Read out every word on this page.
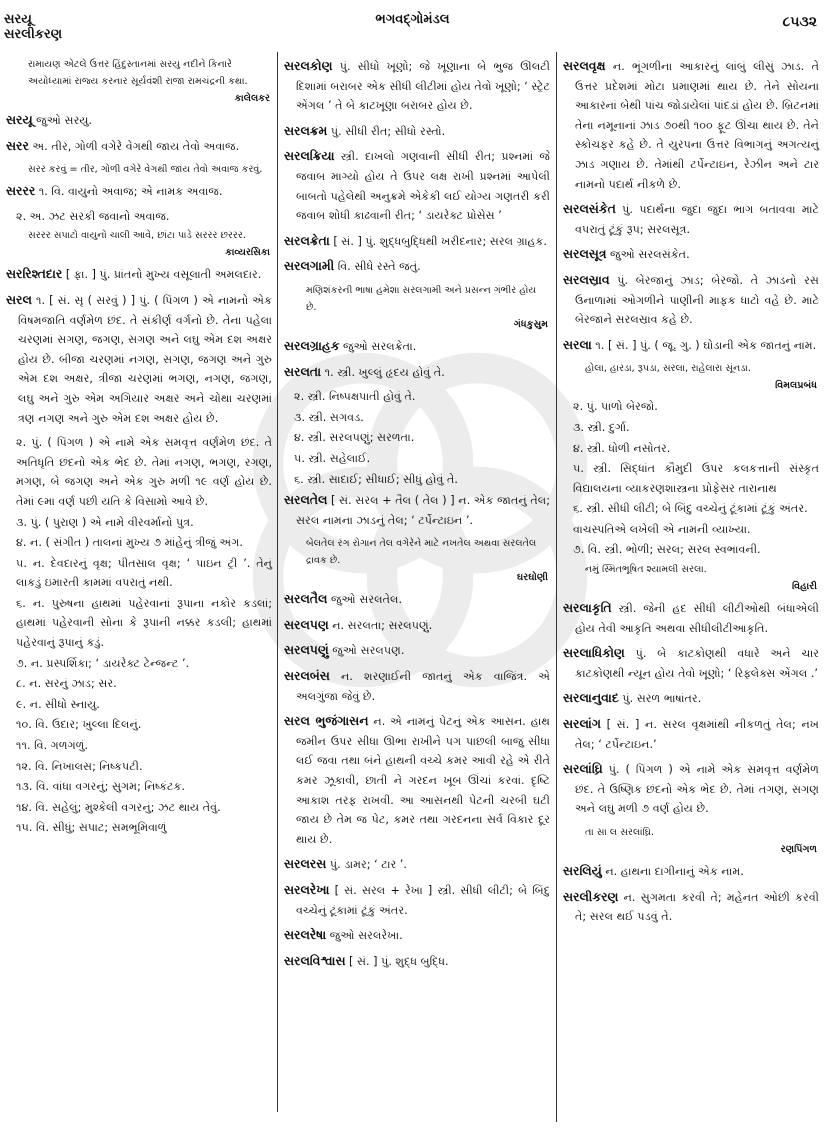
સરયૂ
સરલીકરણ
ભગવદ્ગોમંડલ	૮૫૩૨
રામાયણ એટલે ઉત્તર હિંદુસ્તાનમાં સરયુ નદીને કિનારે અયોધ્યામાં રાજ્ય કરનાર સૂર્યવંશી રાજા રામચંદ્રની કથા.
કાલેલકર
સરયૂ જુઓ સરયુ.
સરર અ. તીર, ગોળી વગેરે વેગથી જાય તેવો અવાજ.
સરર કરવું = તીર, ગોળી વગેરે વેગથી જાય તેવો અવાજ કરવું.
સરરર ૧. વિ. વાયુનો અવાજ; એ નામક અવાજ.
૨. અ. ઝટ સરકી જવાનો અવાજ.
સરરર સપાટો વાયુનો ચાલી આવે, છાંટા પાડે સરરર છરરર.
કાવ્યરસિકા
સરરિશ્તદાર [ ફા. ] પું. પ્રાંતનો મુખ્ય વસૂલાતી અમલદાર.
સરલ ૧. [ સં. સૃ ( સરવું ) ] પું. ( પિંગળ ) એ નામનો એક વિષમજાતિ વર્ણમેળ છંદ. તે સંકીર્ણ વર્ગનો છે. તેના પહેલા ચરણમાં સગણ, જગણ, સગણ અને લઘુ એમ દશ અક્ષર હોય છે. બીજા ચરણમાં નગણ, સગણ, જગણ અને ગુરુ એમ દશ અક્ષર, ત્રીજા ચરણમાં ભગણ, નગણ, જગણ, લઘુ અને ગુરુ એમ અગિયાર અક્ષર અને ચોથા ચરણમાં ત્રણ નગણ અને ગુરુ એમ દશ અક્ષર હોય છે.
૨. પું. ( પિંગળ ) એ નામે એક સમવૃત્ત વર્ણમેળ છંદ. તે અતિધૃતિ છંદનો એક ભેદ છે. તેમાં નગણ, ભગણ, રગણ, મગણ, બે જગણ અને એક ગુરુ મળી ૧૯ વર્ણ હોય છે. તેમાં ૯મા વર્ણ પછી યતિ કે વિસામો આવે છે.
૩. પું. ( પુરાણ ) એ નામે વીરવર્માનો પુત્ર.
૪. ન. ( સંગીત ) તાલનાં મુખ્ય ૭ માંહેનું ત્રીજું અંગ.
૫. ન. દેવદારનું વૃક્ષ; પીતસાલ વૃક્ષ; ‘ પાઇન ટ્રી ’. તેનું લાકડું ઇમારતી કામમાં વપરાતું નથી.
૬. ન. પુરુષના હાથમાં પહેરવાનાં રૂપાના નકોર કડલાં; હાથમાં પહેરવાની સોના કે રૂપાની નક્કર કડલી; હાથમાં પહેરવાનું રૂપાનું કડું.
૭. ન. પ્રસ્પર્શિકા; ‘ ડાયરેક્ટ ટેન્જન્ટ ’.
૮. ન. સરનું ઝાડ; સર.
૯. ન. સીધો સ્નાયુ.
૧૦. વિ. ઉદાર; ખુલ્લા દિલનું.
૧૧. વિ. ગળગળું.
૧૨. વિ. નિખાલસ; નિષ્કપટી.
૧૩. વિ. વાંધા વગરનું; સુગમ; નિષ્કંટક.
૧૪. વિ. સહેલું; મુશ્કેલી વગરનું; ઝટ થાય તેવું.
૧૫. વિ. સીધું; સપાટ; સમભૂમિવાળું
સરલકોણ પું. સીધો ખૂણો; જે ખૂણાના બે ભુજ ઊલટી દિશામાં બરાબર એક સીધી લીટીમાં હોય તેવો ખૂણો; ‘ સ્ટ્રેટ એંગલ ’ તે બે કાટખૂણા બરાબર હોય છે.
સરલક્રમ પું. સીધી રીત; સીધો રસ્તો.
સરલક્રિયા સ્ત્રી. દાખલો ગણવાની સીધી રીત; પ્રશ્નમાં જે જવાબ માગ્યો હોય તે ઉપર લક્ષ રાખી પ્રશ્નમાં આપેલી બાબતો પહેલેથી અનુક્રમે એકેકી લઈ યોગ્ય ગણતરી કરી જવાબ શોધી કાઢવાની રીત; ‘ ડાયરેક્ટ પ્રોસેસ ’
સરલક્રેતા [ સં. ] પું. શુદ્ધબુદ્ધિથી ખરીદનાર; સરલ ગ્રાહક.
સરલગામી વિ. સીધે રસ્તે જતું.
મણિશંકરની ભાષા હમેશા સરલગામી અને પ્રસન્ન ગંભીર હોય છે.
ગંધકુસુમ
સરલગ્રાહક જુઓ સરલક્રેતા.
સરલતા ૧. સ્ત્રી. ખુલ્લું હૃદય હોવું તે.
૨. સ્ત્રી. નિષ્પક્ષપાતી હોવું તે.
૩. સ્ત્રી. સગવડ.
૪. સ્ત્રી. સરલપણું; સરળતા.
૫. સ્ત્રી. સહેલાઈ.
૬. સ્ત્રી. સાદાઈ; સીધાઈ; સીધું હોવું તે.
સરલતેલ [ સં. સરલ + તૈલ ( તેલ ) ] ન. એક જાતનું તેલ; સરલ નામના ઝાડનું તેલ; ‘ ટર્પેન્ટાઇન ’.
બેલતેલ રંગ રોગાન તેલ વગેરેને માટે નખતેલ અથવા સરલતેલ દ્રાવક છે.
ઘરઘોણી
સરલતૈલ જુઓ સરલતેલ.
સરલપણ ન. સરલતા; સરલપણું.
સરલપણું જુઓ સરલપણ.
સરલબંસ ન. શરણાઈની જાતનું એક વાજિંત્ર. એ અલગુંજા જેવું છે.
સરલ ભુજંગાસન ન. એ નામનું પેટનું એક આસન. હાથ જમીન ઉપર સીધા ઊભા રાખીને પગ પાછલી બાજુ સીધા લઈ જવા તથા બંને હાથની વચ્ચે કમર આવી રહે એ રીતે કમર ઝૂકાવી, છાતી ને ગરદન ખૂબ ઊંચાં કરવાં. દૃષ્ટિ આકાશ તરફ રાખવી. આ આસનથી પેટની ચરબી ઘટી જાય છે તેમ જ પેટ, કમર તથા ગરદનના સર્વ વિકાર દૂર થાય છે.
સરલરસ પું. ડામર; ‘ ટાર ’.
સરલરેખા [ સં. સરલ + રેખા ] સ્ત્રી. સીધી લીટી; બે બિંદુ વચ્ચેનું ટૂંકામાં ટૂંકું અંતર.
સરલરેષા જુઓ સરલરેખા.
સરલવિશ્વાસ [ સં. ] પું. શુદ્ધ બુદ્ધિ.
સરલવૃક્ષ ન. ભૂંગળીના આકારનું લાંબું લીસું ઝાડ. તે ઉત્તર પ્રદેશમાં મોટા પ્રમાણમાં થાય છે. તેને સોયના આકારનાં બેથી પાંચ જોડાયેલાં પાંદડાં હોય છે. બ્રિટનમાં તેના નમૂનાનાં ઝાડ ૭૦થી ૧૦૦ ફૂટ ઊંચા થાય છે. તેને સ્કોચફર કહે છે. તે યુરપના ઉત્તર વિભાગનું અગત્યનું ઝાડ ગણાય છે. તેમાંથી ટર્પેન્ટાઇન, રેઝીન અને ટાર નામનો પદાર્થ નીકળે છે.
સરલસંકેત પું. પદાર્થના જુદા જુદા ભાગ બતાવવા માટે વપરાતું ટૂંકું રૂપ; સરલસૂત્ર.
સરલસૂત્ર જુઓ સરલસંકેત.
સરલસ્રાવ પું. બેરજાનું ઝાડ; બેરજો. તે ઝાડનો રસ ઉનાળામાં ઓગળીને પાણીની માફક ધાટો વહે છે. માટે બેરજાને સરલસ્રાવ કહે છે.
સરલા ૧. [ સં. ] પું. ( જૂ. ગુ. ) ઘોડાની એક જાતનું નામ.
હોલા, હારડા, રૂપડા, સરલા, રાહેલારા સૂંનડા.
વિમલપ્રબંધ
૨. પું. પાળો બેરજો.
૩. સ્ત્રી. દુર્ગા.
૪. સ્ત્રી. ધોળી નસોતર.
૫. સ્ત્રી. સિદ્ધાંત કૌમુદી ઉપર કલકત્તાની સંસ્કૃત વિદ્યાલયના વ્યાકરણશાસ્ત્રના પ્રોફેસર તારાનાથ
૬. સ્ત્રી. સીધી લીટી; બે બિંદુ વચ્ચેનું ટૂંકામાં ટૂંકું અંતર.
વાચસ્પતિએ લખેલી એ નામની વ્યાખ્યા.
૭. વિ. સ્ત્રી. ભોળી; સરલ; સરલ સ્વભાવની.
નમું સ્મિતભૂષિત શ્યામલી સરલા.
વિહારી
સરલાકૃતિ સ્ત્રી. જેની હદ સીધી લીટીઓથી બંધાએલી હોય તેવી આકૃતિ અથવા સીધીલીટીઆકૃતિ.
સરલાધિકોણ પું. બે કાટકોણથી વધારે અને ચાર કાટકોણથી ન્યૂન હોય તેવો ખૂણો; ‘ રિફ્લેક્સ એંગલ .’
સરલાનુવાદ પું. સરળ ભાષાંતર.
સરલાંગ [ સં. ] ન. સરલ વૃક્ષમાંથી નીકળતું તેલ; નખ તેલ; ‘ ટર્પેન્ટાઇન.’
સરલાંઘ્રિ પું. ( પિંગળ ) એ નામે એક સમવૃત્ત વર્ણમેળ છંદ. તે ઉષ્ણિક છંદનો એક ભેદ છે. તેમાં તગણ, સગણ અને લઘુ મળી ૭ વર્ણ હોય છે.
તા સા લ સરલાંઘ્રિ.
રણપિંગળ
સરલિયું ન. હાથના દાગીનાનું એક નામ.
સરલીકરણ ન. સુગમતા કરવી તે; મહેનત ઓછી કરવી તે; સરલ થઈ પડવું તે.
